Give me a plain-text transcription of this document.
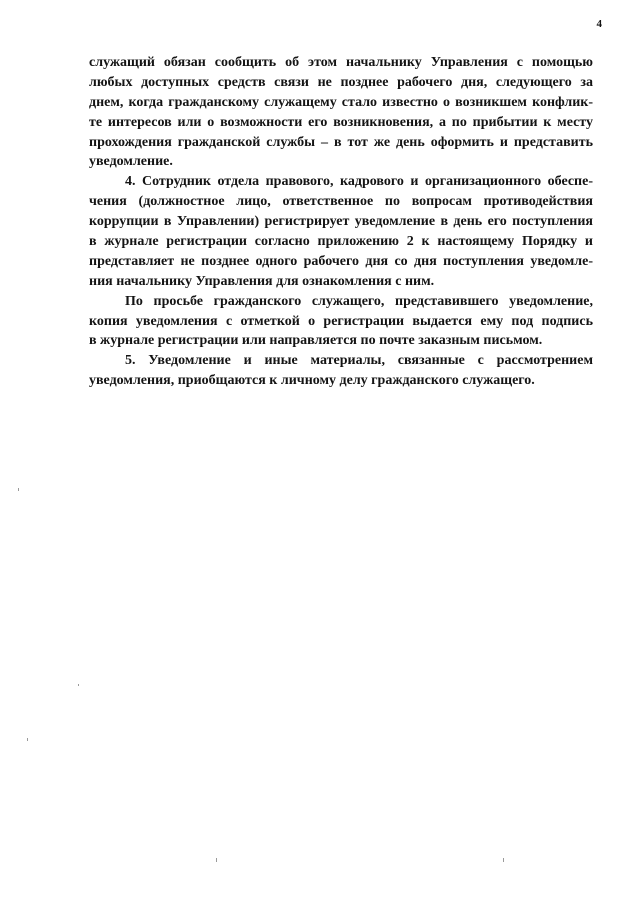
4
служащий обязан сообщить об этом начальнику Управления с помощью
любых доступных средств связи не позднее рабочего дня, следующего за
днем, когда гражданскому служащему стало известно о возникшем конфлик-
те интересов или о возможности его возникновения, а по прибытии к месту
прохождения гражданской службы – в тот же день оформить и представить
уведомление.
4. Сотрудник отдела правового, кадрового и организационного обеспе-
чения (должностное лицо, ответственное по вопросам противодействия
коррупции в Управлении) регистрирует уведомление в день его поступления
в журнале регистрации согласно приложению 2 к настоящему Порядку и
представляет не позднее одного рабочего дня со дня поступления уведомле-
ния начальнику Управления для ознакомления с ним.
По просьбе гражданского служащего, представившего уведомление,
копия уведомления с отметкой о регистрации выдается ему под подпись
в журнале регистрации или направляется по почте заказным письмом.
5. Уведомление и иные материалы, связанные с рассмотрением
уведомления, приобщаются к личному делу гражданского служащего.
